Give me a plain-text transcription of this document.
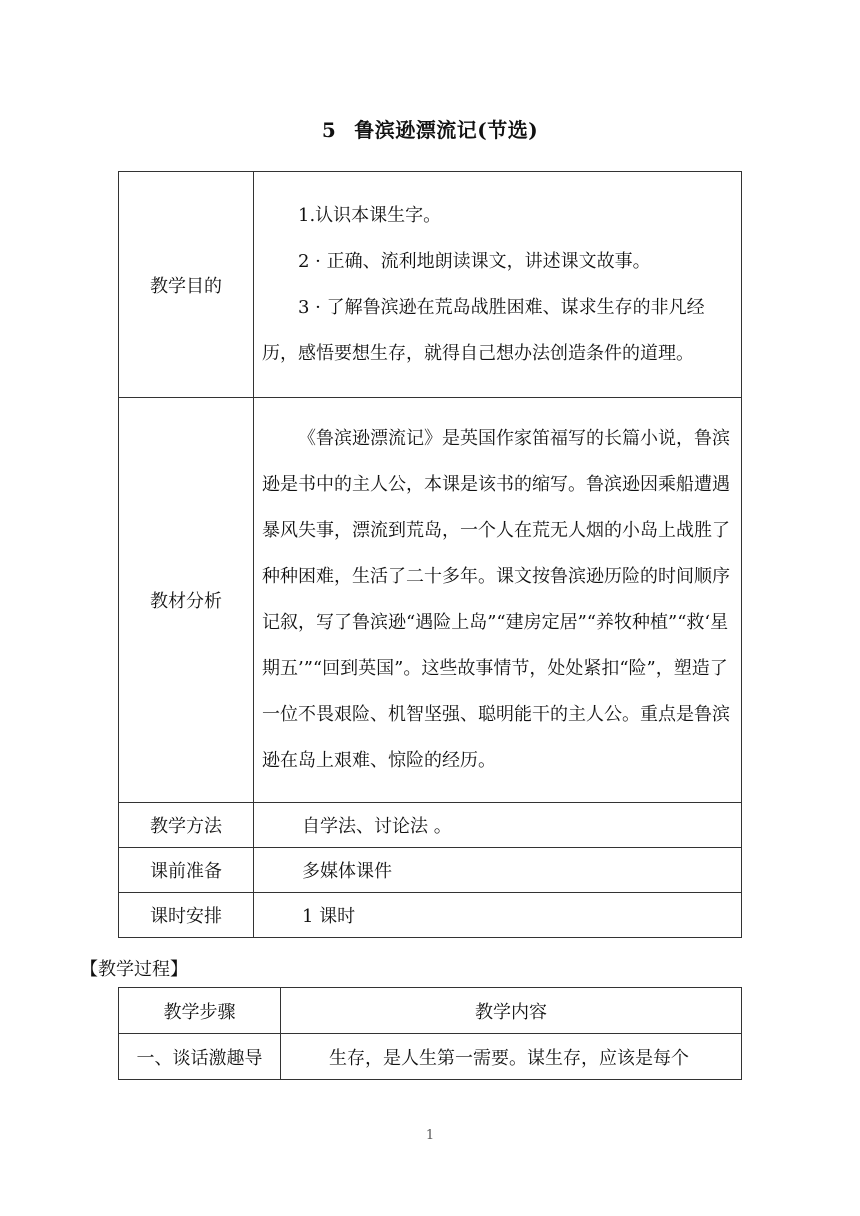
5 鲁滨逊漂流记(节选)
教学目的	1.认识本课生字。

2 · 正确、流利地朗读课文，讲述课文故事。

3 · 了解鲁滨逊在荒岛战胜困难、谋求生存的非凡经历，感悟要想生存，就得自己想办法创造条件的道理。

教材分析	《鲁滨逊漂流记》是英国作家笛福写的长篇小说，鲁滨逊是书中的主人公，本课是该书的缩写。鲁滨逊因乘船遭遇暴风失事，漂流到荒岛，一个人在荒无人烟的小岛上战胜了种种困难，生活了二十多年。课文按鲁滨逊历险的时间顺序记叙，写了鲁滨逊“遇险上岛”“建房定居”“养牧种植”“救‘星期五’”“回到英国”。这些故事情节，处处紧扣“险”，塑造了一位不畏艰险、机智坚强、聪明能干的主人公。重点是鲁滨逊在岛上艰难、惊险的经历。

教学方法	自学法、讨论法 。
课前准备	多媒体课件
课时安排	1 课时
【教学过程】
教学步骤	教学内容
一、谈话激趣导	生存，是人生第一需要。谋生存，应该是每个
1
